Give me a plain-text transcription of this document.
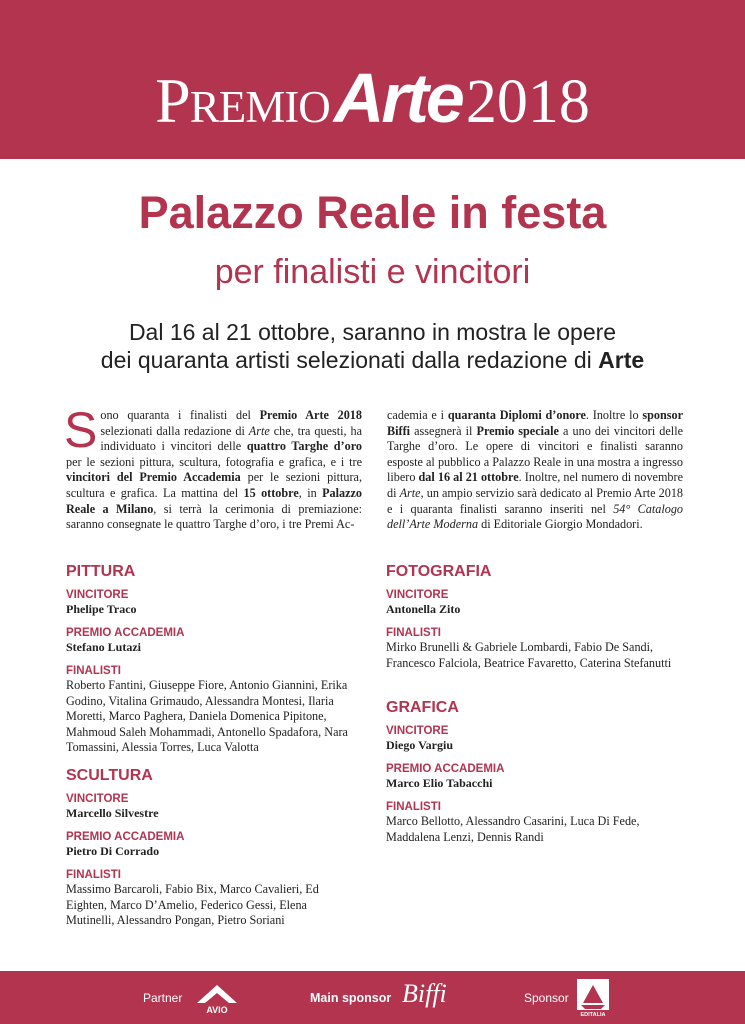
PremioArte2018
Palazzo Reale in festa
per finalisti e vincitori
Dal 16 al 21 ottobre, saranno in mostra le opere
dei quaranta artisti selezionati dalla redazione di Arte
Sono quaranta i finalisti del Premio Arte 2018 selezionati dalla redazione di Arte che, tra questi, ha individuato i vincitori delle quattro Targhe d’oro per le sezioni pittura, scultura, fotografia e grafica, e i tre vincitori del Premio Accademia per le sezioni pittura, scultura e grafica. La mattina del 15 ottobre, in Palazzo Reale a Milano, si terrà la cerimonia di premiazione: saranno consegnate le quattro Targhe d’oro, i tre Premi Ac-
cademia e i quaranta Diplomi d’onore. Inoltre lo sponsor Biffi assegnerà il Premio speciale a uno dei vincitori delle Targhe d’oro. Le opere di vincitori e finalisti saranno esposte al pubblico a Palazzo Reale in una mostra a ingresso libero dal 16 al 21 ottobre. Inoltre, nel numero di novembre di Arte, un ampio servizio sarà dedicato al Premio Arte 2018 e i quaranta finalisti saranno inseriti nel 54° Catalogo dell’Arte Moderna di Editoriale Giorgio Mondadori.
PITTURA
VINCITORE
Phelipe Traco
PREMIO ACCADEMIA
Stefano Lutazi
FINALISTI
Roberto Fantini, Giuseppe Fiore, Antonio Giannini, Erika Godino, Vitalina Grimaudo, Alessandra Montesi, Ilaria Moretti, Marco Paghera, Daniela Domenica Pipitone, Mahmoud Saleh Mohammadi, Antonello Spadafora, Nara Tomassini, Alessia Torres, Luca Valotta
SCULTURA
VINCITORE
Marcello Silvestre
PREMIO ACCADEMIA
Pietro Di Corrado
FINALISTI
Massimo Barcaroli, Fabio Bix, Marco Cavalieri, Ed Eighten, Marco D’Amelio, Federico Gessi, Elena Mutinelli, Alessandro Pongan, Pietro Soriani
FOTOGRAFIA
VINCITORE
Antonella Zito
FINALISTI
Mirko Brunelli & Gabriele Lombardi, Fabio De Sandi, Francesco Falciola, Beatrice Favaretto, Caterina Stefanutti
GRAFICA
VINCITORE
Diego Vargiu
PREMIO ACCADEMIA
Marco Elio Tabacchi
FINALISTI
Marco Bellotto, Alessandro Casarini, Luca Di Fede, Maddalena Lenzi, Dennis Randi
Partner
AVIO
Main sponsor Biffi	Sponsor
EDITALIA
